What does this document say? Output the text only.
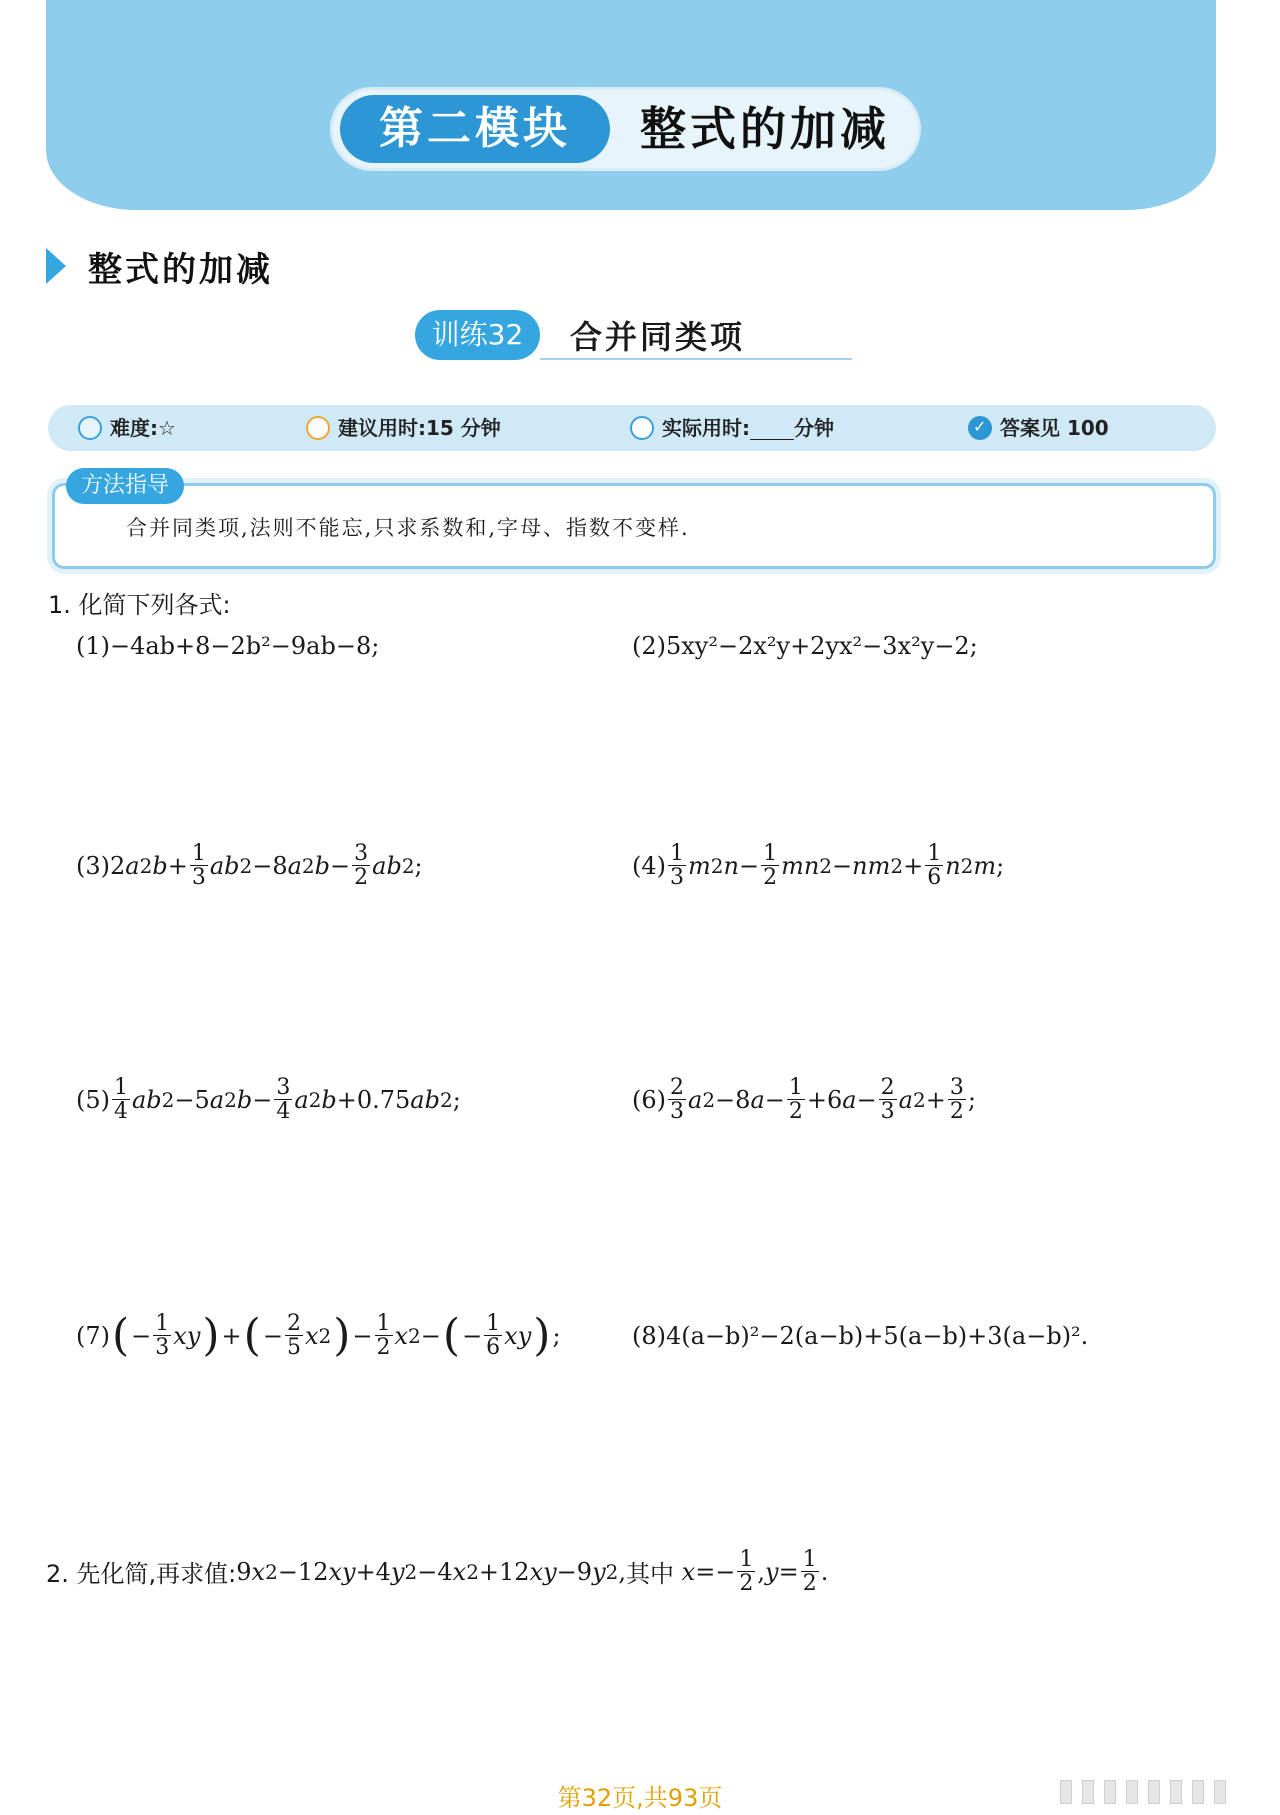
第二模块	整式的加减
整式的加减
训练32	合并同类项
难度:☆	建议用时:15 分钟	实际用时: 分钟
✓	答案见 100
方法指导
合并同类项,法则不能忘,只求系数和,字母、指数不变样.
1. 化简下列各式:
(1)−4ab+8−2b²−9ab−8;	(2)5xy²−2x²y+2yx²−3x²y−2;
(3) 2 a 2 $b + \frac{1}{3}$ ab 2 −8 a 2 $b - \frac{3}{2}$ ab 2 ;	$(4) \frac{1}{3}$ m 2 $n - \frac{1}{2}$ mn 2 − nm $2 + \frac{1}{6}$ n 2 m ;
$(5) \frac{1}{4}$ ab 2 −5 a 2 $b - \frac{3}{4}$ a 2 b +0.75 ab 2 ;	$(6) \frac{2}{3}$ a 2 −8 $a - \frac{1}{2} +6$ $a - \frac{2}{3}$ a $2 + \frac{3}{2}$ ;
(7) ( − $\frac{1}{3}$ xy ) + ( − $\frac{2}{5}$ x 2 ) − $\frac{1}{2}$ x 2 − ( − $\frac{1}{6}$ xy ) ;	(8)4(a−b)²−2(a−b)+5(a−b)+3(a−b)².
2. 先化简,再求值: 9 x 2 −12 xy +4 y 2 −4 x 2 +12 xy −9 y 2 , 其中
$x =- \frac{1}{2}$ , $y = \frac{1}{2}$ .
第32页,共93页
